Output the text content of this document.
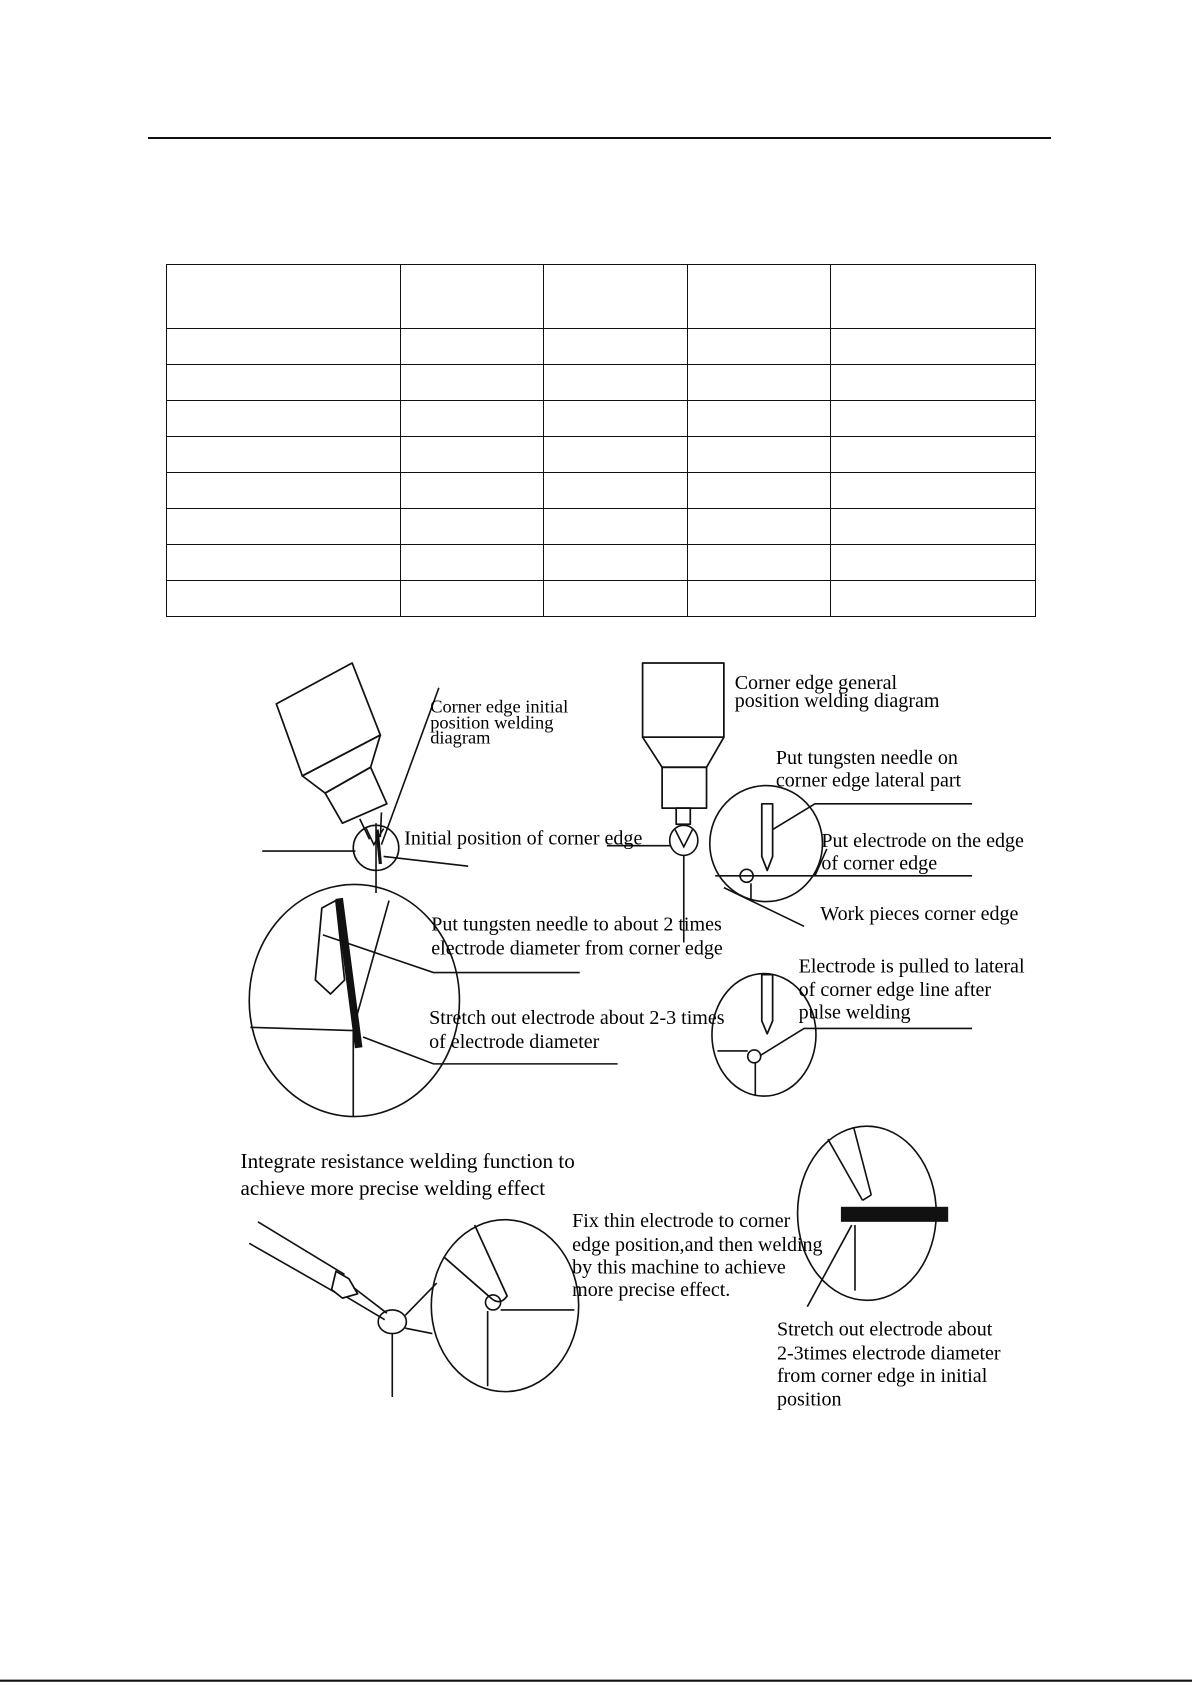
Corner edge initial
position welding
diagram
Corner edge general
position welding diagram
Put tungsten needle on
corner edge lateral part
Initial position of corner edge	Put electrode on the edge
of corner edge
Work pieces corner edge
Put tungsten needle to about 2 times
electrode diameter from corner edge
Stretch out electrode about 2-3 times
of electrode diameter
Electrode is pulled to lateral
of corner edge line after
pulse welding
Integrate resistance welding function to
achieve more precise welding effect
Fix thin electrode to corner
edge position,and then welding
by this machine to achieve
more precise effect.
Stretch out electrode about
2-3times electrode diameter
from corner edge in initial
position
